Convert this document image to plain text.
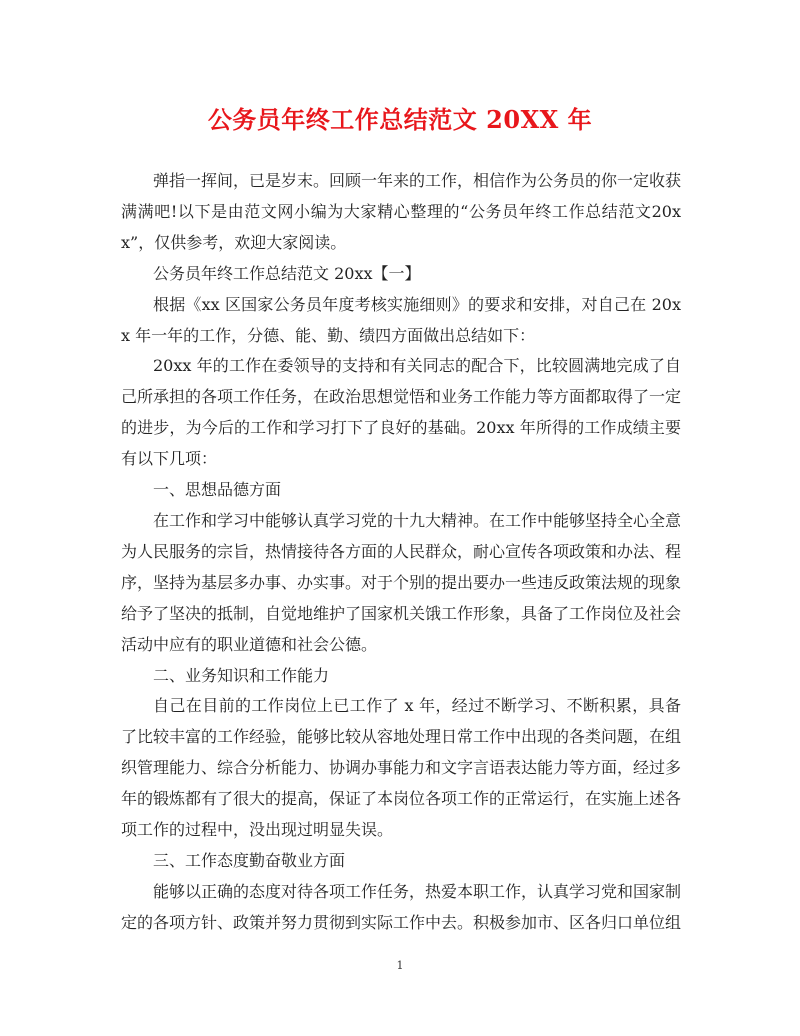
公务员年终工作总结范文 20XX 年

弹指一挥间，已是岁末。回顾一年来的工作，相信作为公务员的你一定收获满满吧!以下是由范文网小编为大家精心整理的“公务员年终工作总结范文20xx”，仅供参考，欢迎大家阅读。

公务员年终工作总结范文 20xx【一】

根据《xx 区国家公务员年度考核实施细则》的要求和安排，对自己在 20xx 年一年的工作，分德、能、勤、绩四方面做出总结如下：

20xx 年的工作在委领导的支持和有关同志的配合下，比较圆满地完成了自己所承担的各项工作任务，在政治思想觉悟和业务工作能力等方面都取得了一定的进步，为今后的工作和学习打下了良好的基础。20xx 年所得的工作成绩主要有以下几项：

一、思想品德方面

在工作和学习中能够认真学习党的十九大精神。在工作中能够坚持全心全意为人民服务的宗旨，热情接待各方面的人民群众，耐心宣传各项政策和办法、程序，坚持为基层多办事、办实事。对于个别的提出要办一些违反政策法规的现象给予了坚决的抵制，自觉地维护了国家机关饿工作形象，具备了工作岗位及社会活动中应有的职业道德和社会公德。

二、业务知识和工作能力

自己在目前的工作岗位上已工作了 x 年，经过不断学习、不断积累，具备了比较丰富的工作经验，能够比较从容地处理日常工作中出现的各类问题，在组织管理能力、综合分析能力、协调办事能力和文字言语表达能力等方面，经过多年的锻炼都有了很大的提高，保证了本岗位各项工作的正常运行，在实施上述各项工作的过程中，没出现过明显失误。

三、工作态度勤奋敬业方面

能够以正确的态度对待各项工作任务，热爱本职工作，认真学习党和国家制定的各项方针、政策并努力贯彻到实际工作中去。积极参加市、区各归口单位组

1
